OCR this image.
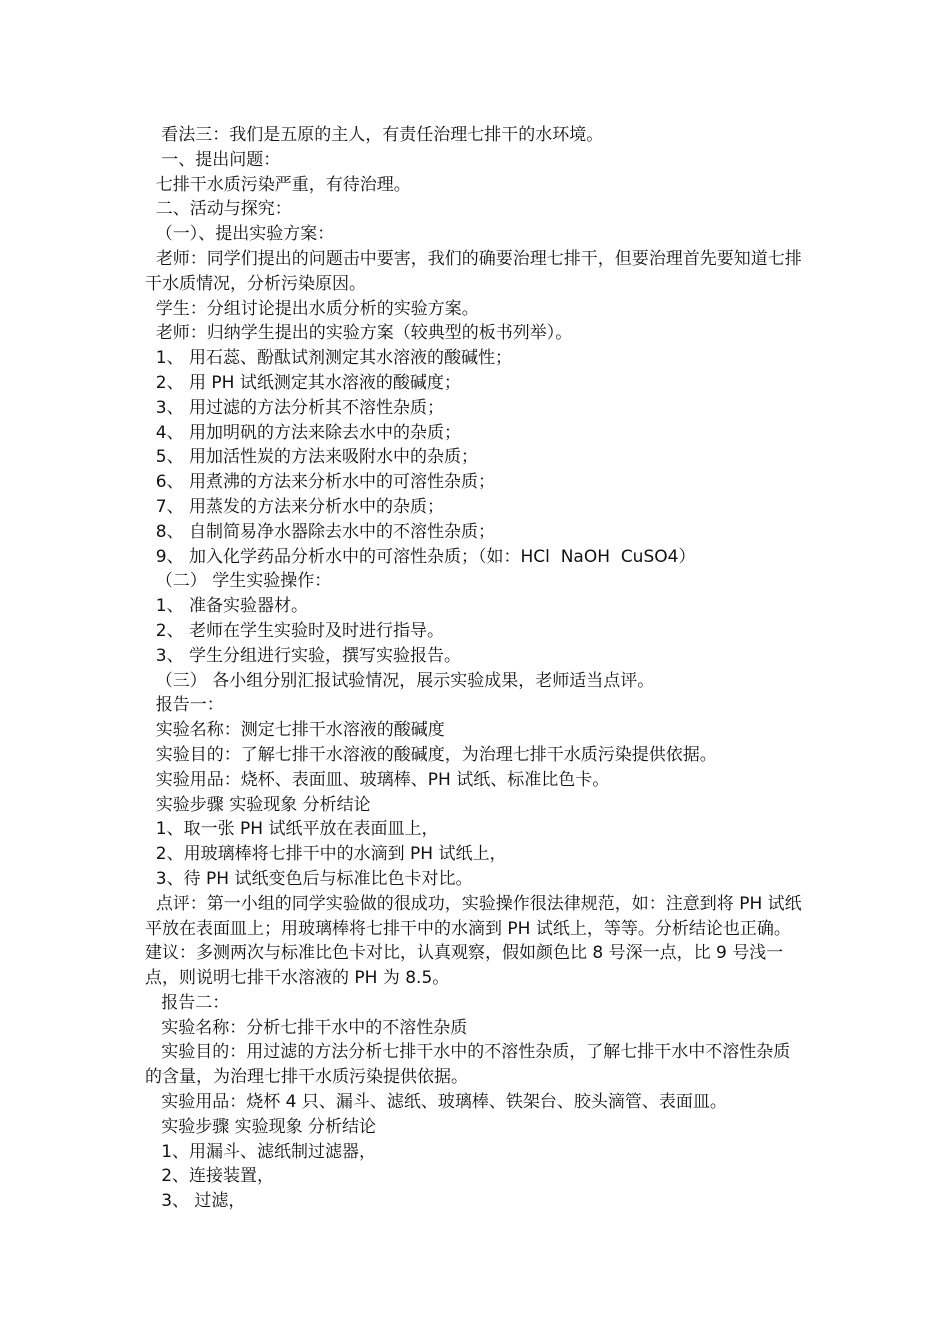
看法三：我们是五原的主人，有责任治理七排干的水环境。

一、提出问题：

七排干水质污染严重，有待治理。

二、活动与探究：

（一）、提出实验方案：

老师：同学们提出的问题击中要害，我们的确要治理七排干，但要治理首先要知道七排干水质情况，分析污染原因。

学生：分组讨论提出水质分析的实验方案。

老师：归纳学生提出的实验方案（较典型的板书列举）。

1、 用石蕊、酚酞试剂测定其水溶液的酸碱性；

2、 用 PH 试纸测定其水溶液的酸碱度；

3、 用过滤的方法分析其不溶性杂质；

4、 用加明矾的方法来除去水中的杂质；

5、 用加活性炭的方法来吸附水中的杂质；

6、 用煮沸的方法来分析水中的可溶性杂质；

7、 用蒸发的方法来分析水中的杂质；

8、 自制简易净水器除去水中的不溶性杂质；

9、 加入化学药品分析水中的可溶性杂质；（如：HCl  NaOH  CuSO4）

（二） 学生实验操作：

1、 准备实验器材。

2、 老师在学生实验时及时进行指导。

3、 学生分组进行实验，撰写实验报告。

（三） 各小组分别汇报试验情况，展示实验成果，老师适当点评。

报告一：

实验名称：测定七排干水溶液的酸碱度

实验目的：了解七排干水溶液的酸碱度，为治理七排干水质污染提供依据。

实验用品：烧杯、表面皿、玻璃棒、PH 试纸、标准比色卡。

实验步骤 实验现象 分析结论

1、取一张 PH 试纸平放在表面皿上，

2、用玻璃棒将七排干中的水滴到 PH 试纸上，

3、待 PH 试纸变色后与标准比色卡对比。

点评：第一小组的同学实验做的很成功，实验操作很法律规范，如：注意到将 PH 试纸平放在表面皿上；用玻璃棒将七排干中的水滴到 PH 试纸上，等等。分析结论也正确。建议：多测两次与标准比色卡对比，认真观察，假如颜色比 8 号深一点，比 9 号浅一点，则说明七排干水溶液的 PH 为 8.5。

报告二：

实验名称：分析七排干水中的不溶性杂质

实验目的：用过滤的方法分析七排干水中的不溶性杂质，了解七排干水中不溶性杂质的含量，为治理七排干水质污染提供依据。

实验用品：烧杯 4 只、漏斗、滤纸、玻璃棒、铁架台、胶头滴管、表面皿。

实验步骤 实验现象 分析结论

1、用漏斗、滤纸制过滤器，

2、连接装置，

3、 过滤，
